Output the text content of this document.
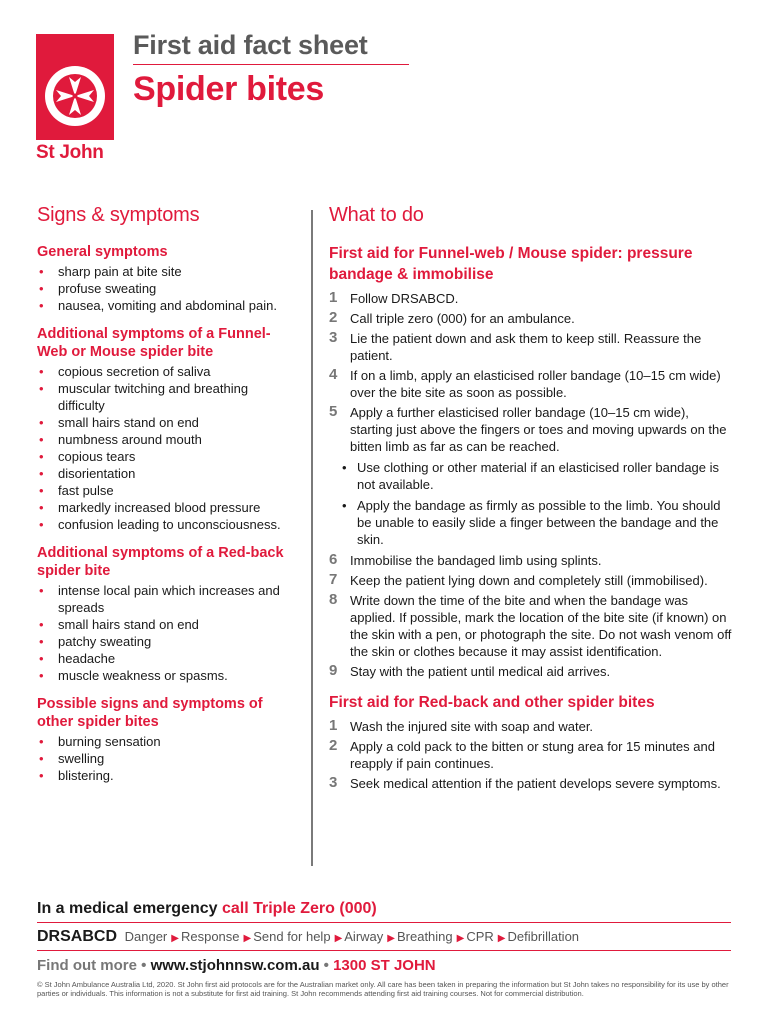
St John
First aid fact sheet
Spider bites
Signs & symptoms
General symptoms
• sharp pain at bite site
• profuse sweating
• nausea, vomiting and abdominal pain.
Additional symptoms of a Funnel-Web or Mouse spider bite
• copious secretion of saliva
• muscular twitching and breathing difficulty
• small hairs stand on end
• numbness around mouth
• copious tears
• disorientation
• fast pulse
• markedly increased blood pressure
• confusion leading to unconsciousness.
Additional symptoms of a Red-back spider bite
• intense local pain which increases and spreads
• small hairs stand on end
• patchy sweating
• headache
• muscle weakness or spasms.
Possible signs and symptoms of other spider bites
• burning sensation
• swelling
• blistering.
What to do
First aid for Funnel-web / Mouse spider: pressure bandage & immobilise
1 Follow DRSABCD.
2 Call triple zero (000) for an ambulance.
3 Lie the patient down and ask them to keep still. Reassure the patient.
4 If on a limb, apply an elasticised roller bandage (10–15 cm wide) over the bite site as soon as possible.
5 Apply a further elasticised roller bandage (10–15 cm wide), starting just above the fingers or toes and moving upwards on the bitten limb as far as can be reached.
• Use clothing or other material if an elasticised roller bandage is not available.
• Apply the bandage as firmly as possible to the limb. You should be unable to easily slide a finger between the bandage and the skin.
6 Immobilise the bandaged limb using splints.
7 Keep the patient lying down and completely still (immobilised).
8 Write down the time of the bite and when the bandage was applied. If possible, mark the location of the bite site (if known) on the skin with a pen, or photograph the site. Do not wash venom off the skin or clothes because it may assist identification.
9 Stay with the patient until medical aid arrives.
First aid for Red-back and other spider bites
1 Wash the injured site with soap and water.
2 Apply a cold pack to the bitten or stung area for 15 minutes and reapply if pain continues.
3 Seek medical attention if the patient develops severe symptoms.
In a medical emergency call Triple Zero (000)
DRSABCD Danger ▶ Response ▶ Send for help ▶ Airway ▶ Breathing ▶ CPR ▶ Defibrillation
Find out more • www.stjohnnsw.com.au • 1300 ST JOHN
© St John Ambulance Australia Ltd, 2020. St John first aid protocols are for the Australian market only. All care has been taken in preparing the information but St John takes no responsibility for its use by other parties or individuals. This information is not a substitute for first aid training. St John recommends attending first aid training courses. Not for commercial distribution.
